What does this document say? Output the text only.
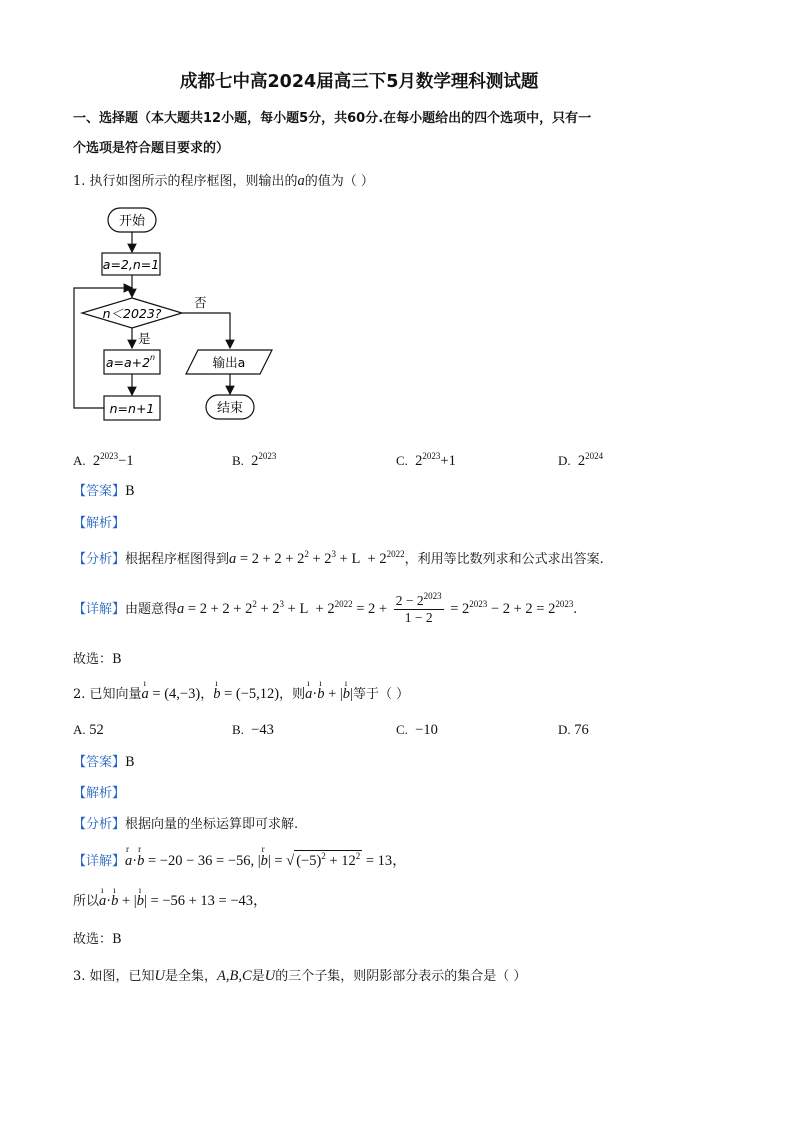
成都七中高2024届高三下5月数学理科测试题
一、选择题（本大题共12小题，每小题5分，共60分.在每小题给出的四个选项中，只有一
个选项是符合题目要求的）
1. 执行如图所示的程序框图，则输出的a的值为（ ）
开始
a=2,n=1
n＜2023?
否
是
a=a+2 n
n=n+1
输出a
结束
A. $2^{2023}-1$	B. $2^{2023}$	C. $2^{2023}+1$	D. $2^{2024}$
【答案】B
【解析】
【分析】根据程序框图得到$a = 2 + 2 + 2^2 + 2^3 + L + 2^{2022}$，利用等比数列求和公式求出答案.
【详解】由题意得$a = 2 + 2 + 2^2 + 2^3 + L + 2^{2022} = 2 + \frac{2 - 2^{2023}}{1 - 2} = 2^{2023} - 2 + 2 = 2^{2023}$.
故选：B
2. 已知向量ı a = (4,−3)，ı b = (−5,12)，则ı a·ı b + |ı b|等于（ ）
A. 52	B. −43	C. −10	D. 76
【答案】B
【解析】
【分析】根据向量的坐标运算即可求解.
【详解】r a·r b = −20 − 36 = −56, |r b| = √ $(-5)^2 + 12^2 = 13$，
所以ı a·ı b + |ı b| = −56 + 13 = −43，
故选：B
3. 如图，已知U是全集，A,B,C是U的三个子集，则阴影部分表示的集合是（ ）
